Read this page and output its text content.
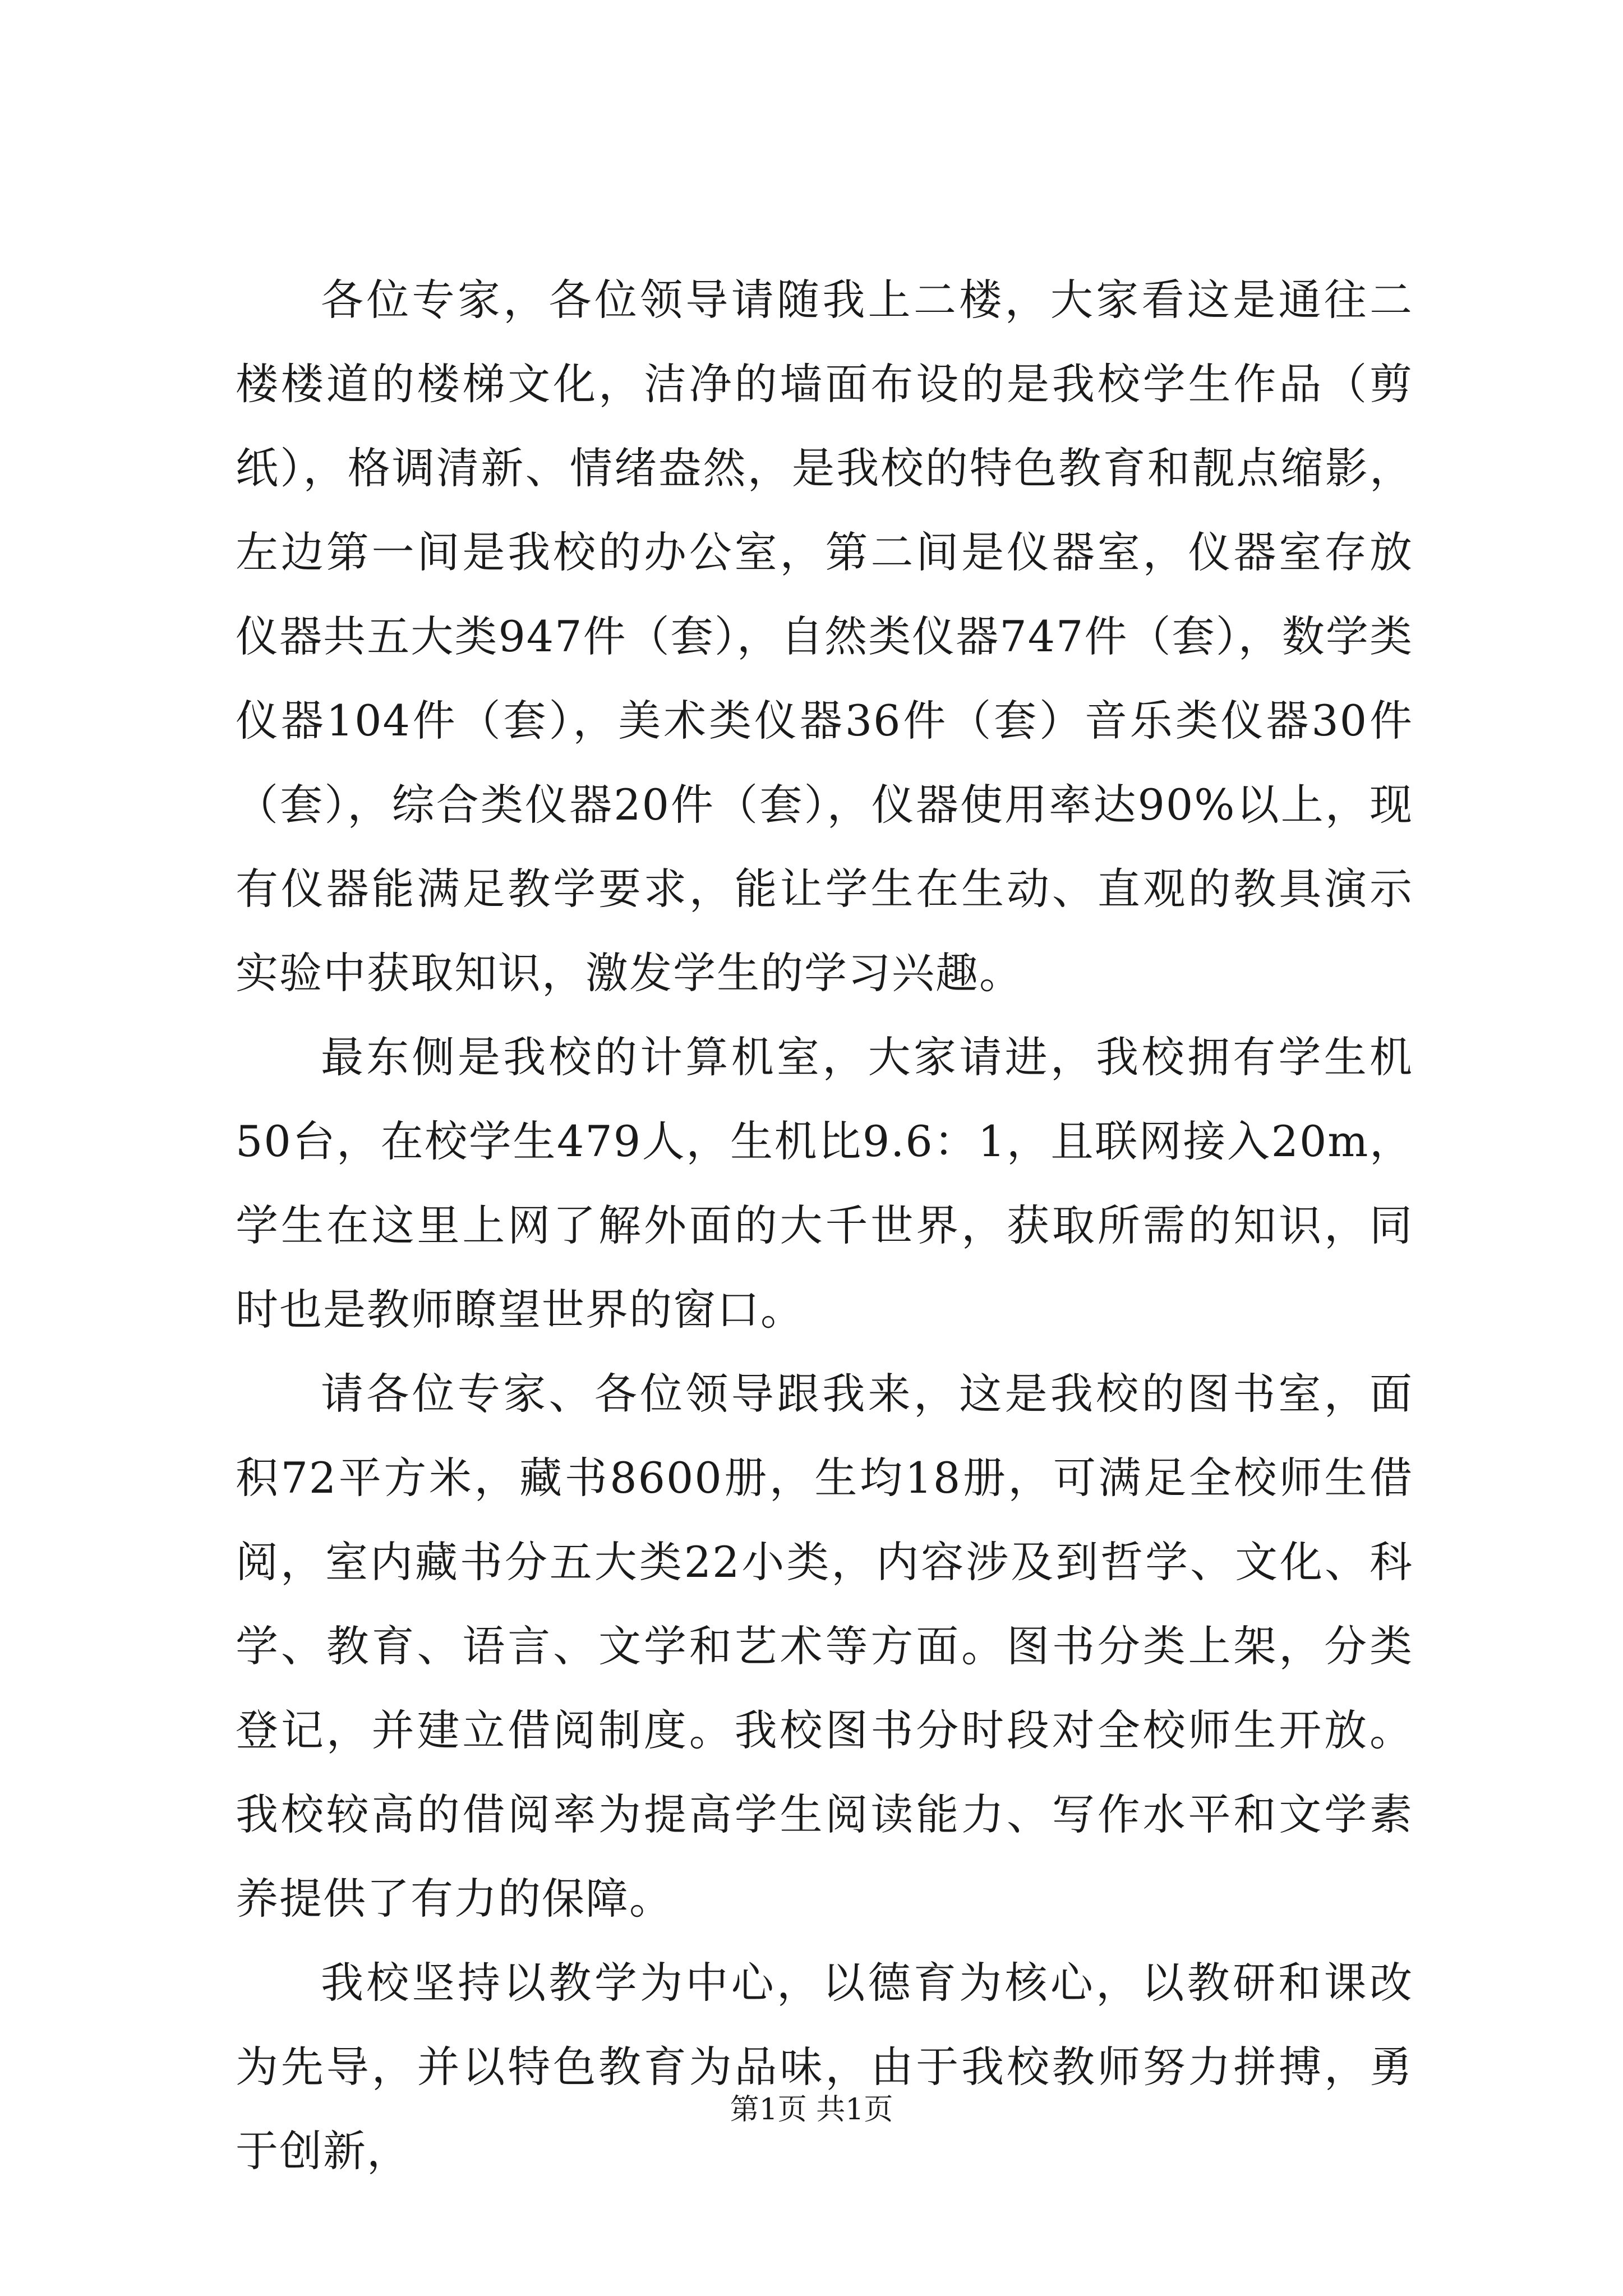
各位专家，各位领导请随我上二楼，大家看这是通往二楼楼道的楼梯文化，洁净的墙面布设的是我校学生作品（剪纸），格调清新、情绪盎然，是我校的特色教育和靓点缩影，左边第一间是我校的办公室，第二间是仪器室，仪器室存放仪器共五大类947件（套），自然类仪器747件（套），数学类仪器104件（套），美术类仪器36件（套）音乐类仪器30件（套），综合类仪器20件（套），仪器使用率达90%以上，现有仪器能满足教学要求，能让学生在生动、直观的教具演示实验中获取知识，激发学生的学习兴趣。

最东侧是我校的计算机室，大家请进，我校拥有学生机50台，在校学生479人，生机比9.6：1，且联网接入20m，学生在这里上网了解外面的大千世界，获取所需的知识，同时也是教师瞭望世界的窗口。

请各位专家、各位领导跟我来，这是我校的图书室，面积72平方米，藏书8600册，生均18册，可满足全校师生借阅，室内藏书分五大类22小类，内容涉及到哲学、文化、科学、教育、语言、文学和艺术等方面。图书分类上架，分类登记，并建立借阅制度。我校图书分时段对全校师生开放。我校较高的借阅率为提高学生阅读能力、写作水平和文学素养提供了有力的保障。

我校坚持以教学为中心，以德育为核心，以教研和课改为先导，并以特色教育为品味，由于我校教师努力拼搏，勇于创新，

第1页 共1页
